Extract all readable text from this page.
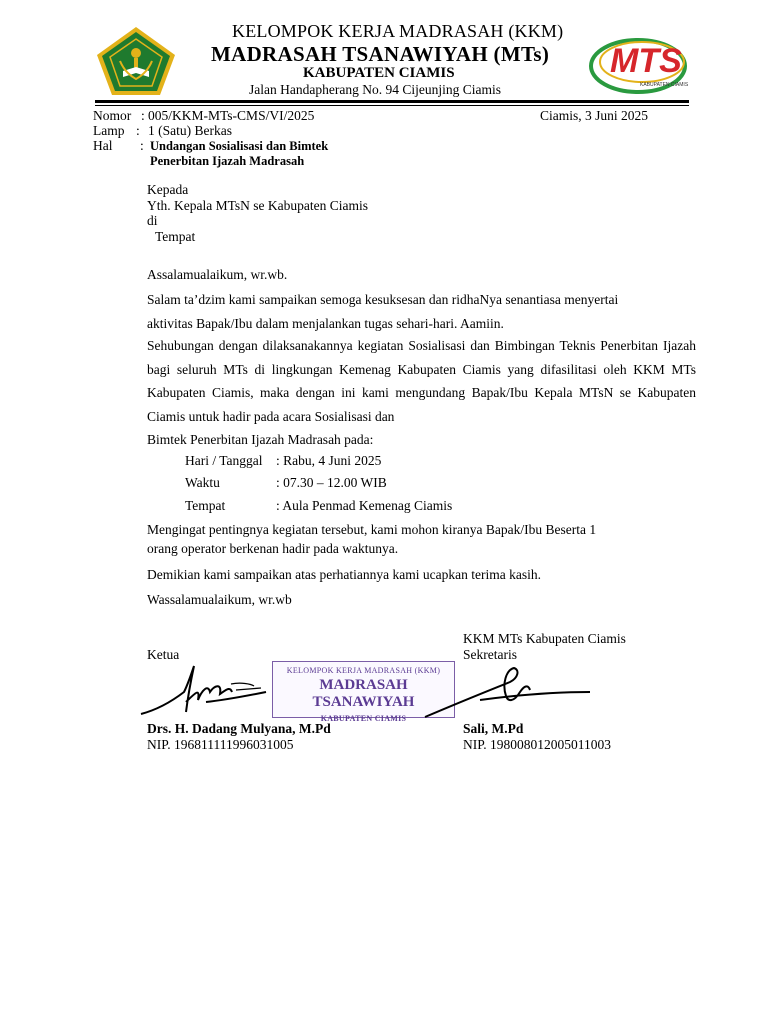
KELOMPOK KERJA MADRASAH (KKM)
MADRASAH TSANAWIYAH (MTs)
KABUPATEN CIAMIS
Jalan Handapherang No. 94 Cijeunjing Ciamis
MTS
KABUPATEN CIAMIS
Nomor : 005/KKM-MTs-CMS/VI/2025	Ciamis, 3 Juni 2025
Lamp : 1 (Satu) Berkas
Hal : Undangan Sosialisasi dan Bimtek
Penerbitan Ijazah Madrasah
Kepada
Yth. Kepala MTsN se Kabupaten Ciamis
di
Tempat
Assalamualaikum, wr.wb.
Salam ta’dzim kami sampaikan semoga kesuksesan dan ridhaNya senantiasa menyertai
aktivitas Bapak/Ibu dalam menjalankan tugas sehari-hari. Aamiin.
Sehubungan dengan dilaksanakannya kegiatan Sosialisasi dan Bimbingan Teknis Penerbitan Ijazah bagi seluruh MTs di lingkungan Kemenag Kabupaten Ciamis yang difasilitasi oleh KKM MTs Kabupaten Ciamis, maka dengan ini kami mengundang Bapak/Ibu Kepala MTsN se Kabupaten Ciamis untuk hadir pada acara Sosialisasi dan
Bimtek Penerbitan Ijazah Madrasah pada:
Hari / Tanggal : Rabu, 4 Juni 2025
Waktu	: 07.30 – 12.00 WIB
Tempat	: Aula Penmad Kemenag Ciamis
Mengingat pentingnya kegiatan tersebut, kami mohon kiranya Bapak/Ibu Beserta 1
orang operator berkenan hadir pada waktunya.
Demikian kami sampaikan atas perhatiannya kami ucapkan terima kasih.
Wassalamualaikum, wr.wb
KKM MTs Kabupaten Ciamis
Ketua	Sekretaris
KELOMPOK KERJA MADRASAH (KKM)
MADRASAH TSANAWIYAH
KABUPATEN CIAMIS
Drs. H. Dadang Mulyana, M.Pd
NIP. 196811111996031005
Sali, M.Pd
NIP. 198008012005011003
